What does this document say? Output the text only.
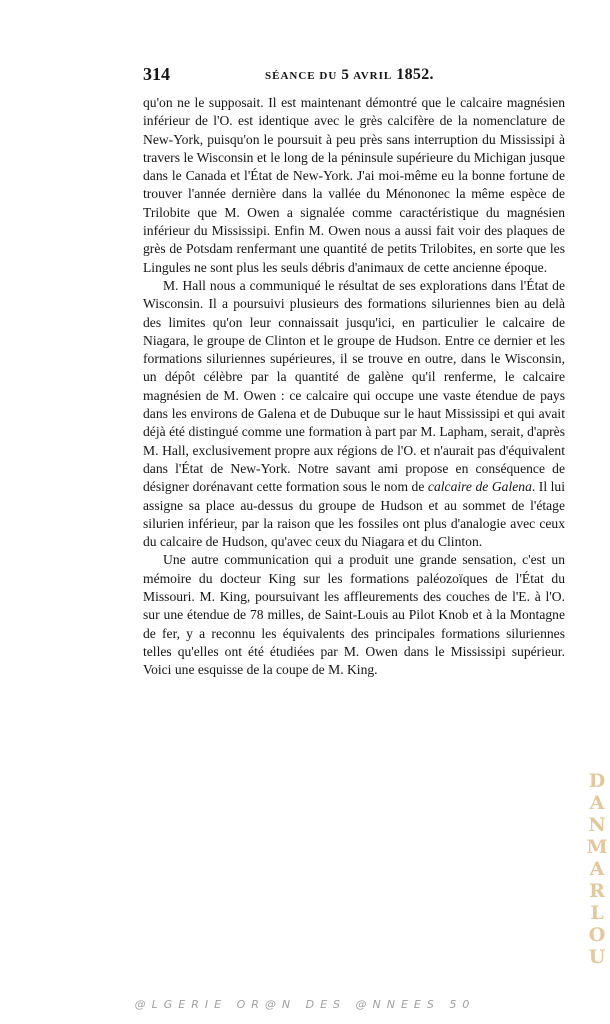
314	SÉANCE DU 5 AVRIL 1852.

qu'on ne le supposait. Il est maintenant démontré que le calcaire magnésien inférieur de l'O. est identique avec le grès calcifère de la nomenclature de New-York, puisqu'on le poursuit à peu près sans interruption du Mississipi à travers le Wisconsin et le long de la péninsule supérieure du Michigan jusque dans le Canada et l'État de New-York. J'ai moi-même eu la bonne fortune de trouver l'année dernière dans la vallée du Ménononec la même espèce de Trilobite que M. Owen a signalée comme caractéristique du magnésien inférieur du Mississipi. Enfin M. Owen nous a aussi fait voir des plaques de grès de Potsdam renfermant une quantité de petits Trilobites, en sorte que les Lingules ne sont plus les seuls débris d'animaux de cette ancienne époque.

M. Hall nous a communiqué le résultat de ses explorations dans l'État de Wisconsin. Il a poursuivi plusieurs des formations siluriennes bien au delà des limites qu'on leur connaissait jusqu'ici, en particulier le calcaire de Niagara, le groupe de Clinton et le groupe de Hudson. Entre ce dernier et les formations siluriennes supérieures, il se trouve en outre, dans le Wisconsin, un dépôt célèbre par la quantité de galène qu'il renferme, le calcaire magnésien de M. Owen : ce calcaire qui occupe une vaste étendue de pays dans les environs de Galena et de Dubuque sur le haut Mississipi et qui avait déjà été distingué comme une formation à part par M. Lapham, serait, d'après M. Hall, exclusivement propre aux régions de l'O. et n'aurait pas d'équivalent dans l'État de New-York. Notre savant ami propose en conséquence de désigner dorénavant cette formation sous le nom de calcaire de Galena. Il lui assigne sa place au-dessus du groupe de Hudson et au sommet de l'étage silurien inférieur, par la raison que les fossiles ont plus d'analogie avec ceux du calcaire de Hudson, qu'avec ceux du Niagara et du Clinton.

Une autre communication qui a produit une grande sensation, c'est un mémoire du docteur King sur les formations paléozoïques de l'État du Missouri. M. King, poursuivant les affleurements des couches de l'E. à l'O. sur une étendue de 78 milles, de Saint-Louis au Pilot Knob et à la Montagne de fer, y a reconnu les équivalents des principales formations siluriennes telles qu'elles ont été étudiées par M. Owen dans le Mississipi supérieur. Voici une esquisse de la coupe de M. King.

DANMARLOU
@LGERIE OR@N DES @NNEES 50
